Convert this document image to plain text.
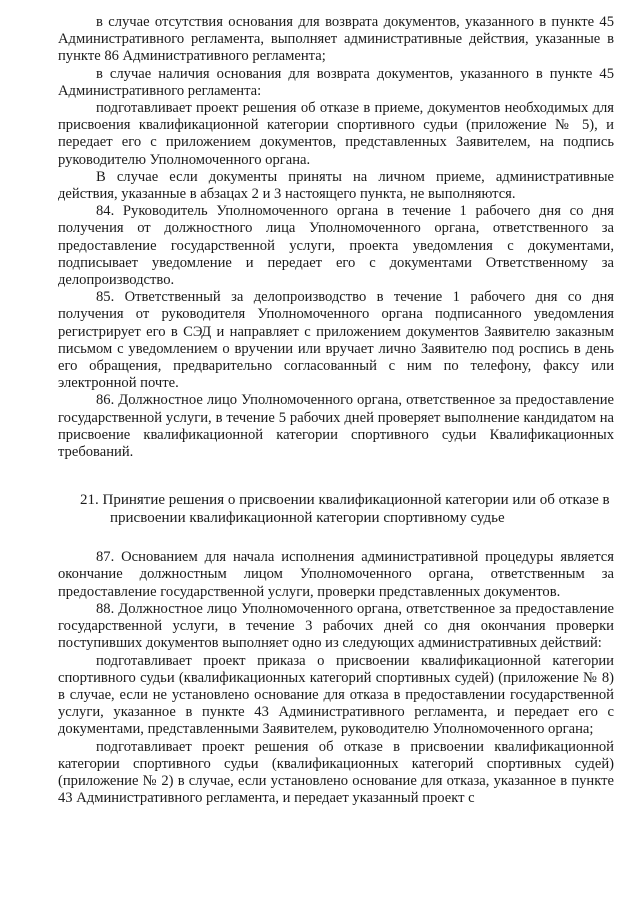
в случае отсутствия основания для возврата документов, указанного в пункте 45 Административного регламента, выполняет административные действия, указанные в пункте 86 Административного регламента;

в случае наличия основания для возврата документов, указанного в пункте 45 Административного регламента:

подготавливает проект решения об отказе в приеме, документов необходимых для присвоения квалификационной категории спортивного судьи (приложение № 5), и передает его с приложением документов, представленных Заявителем, на подпись руководителю Уполномоченного органа.

В случае если документы приняты на личном приеме, административные действия, указанные в абзацах 2 и 3 настоящего пункта, не выполняются.

84. Руководитель Уполномоченного органа в течение 1 рабочего дня со дня получения от должностного лица Уполномоченного органа, ответственного за предоставление государственной услуги, проекта уведомления с документами, подписывает уведомление и передает его с документами Ответственному за делопроизводство.

85. Ответственный за делопроизводство в течение 1 рабочего дня со дня получения от руководителя Уполномоченного органа подписанного уведомления регистрирует его в СЭД и направляет с приложением документов Заявителю заказным письмом с уведомлением о вручении или вручает лично Заявителю под роспись в день его обращения, предварительно согласованный с ним по телефону, факсу или электронной почте.

86. Должностное лицо Уполномоченного органа, ответственное за предоставление государственной услуги, в течение 5 рабочих дней проверяет выполнение кандидатом на присвоение квалификационной категории спортивного судьи Квалификационных требований.

21. Принятие решения о присвоении квалификационной категории или об отказе в присвоении квалификационной категории спортивному судье

87. Основанием для начала исполнения административной процедуры является окончание должностным лицом Уполномоченного органа, ответственным за предоставление государственной услуги, проверки представленных документов.

88. Должностное лицо Уполномоченного органа, ответственное за предоставление государственной услуги, в течение 3 рабочих дней со дня окончания проверки поступивших документов выполняет одно из следующих административных действий:

подготавливает проект приказа о присвоении квалификационной категории спортивного судьи (квалификационных категорий спортивных судей) (приложение № 8) в случае, если не установлено основание для отказа в предоставлении государственной услуги, указанное в пункте 43 Административного регламента, и передает его с документами, представленными Заявителем, руководителю Уполномоченного органа;

подготавливает проект решения об отказе в присвоении квалификационной категории спортивного судьи (квалификационных категорий спортивных судей) (приложение № 2) в случае, если установлено основание для отказа, указанное в пункте 43 Административного регламента, и передает указанный проект с
